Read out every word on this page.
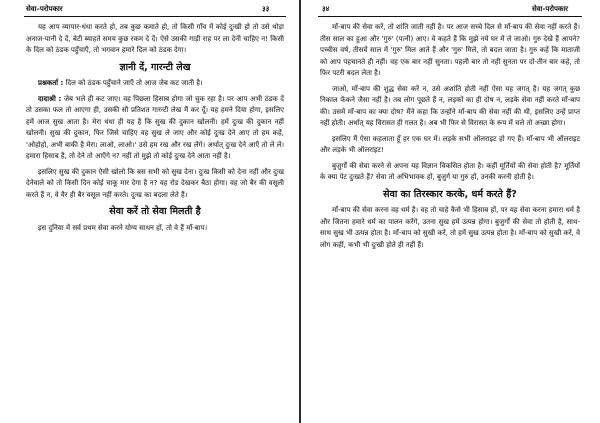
सेवा–परोपकार	३३

यह आप व्यापार-धंधा करते हो, तब कुछ कमाते हो, तो किसी गाँव में कोई दुःखी हो तो उसे थोड़ा अनाज-पानी दे दें, बेटी ब्याहते समय कुछ रकम दे दें। ऐसे उसकी गाड़ी राह पर ला देनी चाहिए न! किसी के दिल को ठंडक पहुँचाएँ, तो भगवान हमारे दिल को ठंडक देगा।

ज्ञानी दें, गारन्टी लेख

प्रश्नकर्ता : दिल को ठंडक पहुँचाने जाएँ तो आज जेब कट जाती है।

दादाश्री : जेब भले ही कट जाए। वह पिछला हिसाब होगा जो चुक रहा है। पर आप अभी ठंडक दें तो उसका फल तो आएगा ही, उसकी सौ प्रतिशत गारन्टी लेख मैं कर दूँ। यह हमने दिया होगा, इसलिए हमें आज सुख आता है। मेरा धंधा ही यह है कि सुख की दुकान खोलनी। हमें दुःख की दुकान नहीं खोलनी। सुख की दुकान, फिर जिसे चाहिए वह सुख ले जाए और कोई दुःख देने आए तो हम कहें, 'ओहोहो, अभी बाकी है मेरा। लाओ, लाओ।' उसे हम रख और रख लेंगे। अर्थात् दुःख देने आएँ तो ले लें। हमारा हिसाब है, तो देने तो आएँगे न? नहीं तो मुझे तो कोई दुःख देने आता नहीं है।

इसलिए सुख की दुकान ऐसी खोलो कि बस सभी को सुख देना। दुःख किसी को देना नहीं और दुःख देनेवाले को तो किसी दिन कोई चाकू मार देगा है न? वह रोड देखकर बैठा होगा। वह जो बैर की वसूली करते हैं न, वे वैर ही बैर वसूल नहीं करते। दुःख का बदला लेते हैं।

सेवा करें तो सेवा मिलती है

इस दुनिया में सर्व प्रथम सेवा करने योग्य साधन हों, तो वे हैं माँ-बाप।

३४	सेवा-परोपकार

माँ-बाप की सेवा करें, तो शांति जाती नहीं है। पर आज सच्चे दिल से माँ-बाप की सेवा नहीं करते हैं। तीस साल का हुआ और 'गुरु' (पत्नी) आए। वे कहते हैं कि मुझे नये घर में ले जाओ। गुरु देखे हैं आपने? पच्चीस वर्ष, तीसवें साल में 'गुरु' मिल आते हैं और 'गुरु' मिले, तो बदल जाता है। गुरु कहें कि माताजी को आप पहचानते ही नहीं। वह एक बार नहीं सुनता। पहली बार तो नहीं सुनता पर दो-तीन बार कहे, तो फिर पटरी बदल लेता है।

जाओ, माँ-बाप की शुद्ध सेवा करें न, उसे अशांति होती नहीं ऐसा यह जगत् है। यह जगत् कुछ निकाल फेंकने जैसा नहीं है। तब लोग पूछते हैं न, लड़कों का ही दोष न, लड़के सेवा नहीं करते माँ-बाप की। उसमें माँ-बाप का क्या दोष? मैंने कहा कि उन्होंने माँ-बाप की सेवा नहीं की थी, इसलिए उन्हें प्राप्त नहीं होती। अर्थात् यह विरासत ही गलत है। अब भी फिर से विरासत के रूप में चले तो अच्छा होगा।

इसलिए मैं ऐसा कहलाता हूँ हर एक घर में। लड़के सभी ऑलराइट हो गए हैं। माँ-बाप भी ऑलराइट और लड़के भी ऑलराइट!

बुजुर्गों की सेवा करने से अपना यह विज्ञान विकसित होता है। कहीं मूर्तियों की सेवा होती है? मूर्तियों के क्या पेट दुःखते हैं? सेवा तो अभिभावक हों, बुजुर्ग या गुरु हों, उनकी करनी होती है।

सेवा का तिरस्कार करके, धर्म करते हैं?

माँ-बाप की सेवा करना वह धर्म है। वह तो चाहे कैसे भी हिसाब हों, पर यह सेवा करना हमारा धर्म है और जितना हमारे धर्म का पालन करेंगे, उतना सुख हमें उत्पन्न होगा। बुजुर्गों की सेवा तो होती है, साथ-साथ सुख भी उत्पन्न होता है। माँ-बाप को सुखी करें, तो हमें सुख उत्पन्न होता है। माँ-बाप को सुखी करें, वे लोग कहीं, कभी भी दुःखी होते ही नहीं हैं।
